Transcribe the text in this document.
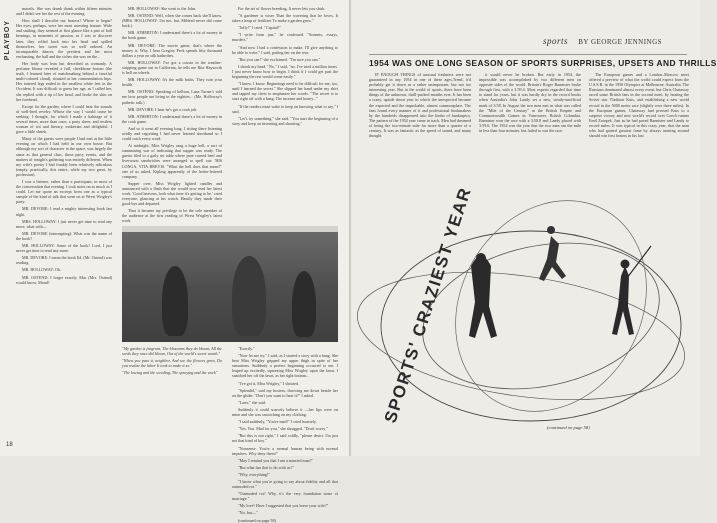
PLAYBOY
18

marzils. She was drunk drank within fifteen minutes and I didn't see her the rest of the evening.

How shall I describe our hostess? Where to begin? Her eyes, perhaps, were her most arresting feature. Wide and smiling, they seemed at first glance like a pair of ball bearings, in moments of passion, as I was to discover later, they rolled back into her head and spilled themselves, her sweet was so well ordered. An incomparable dancer, the prettiest and her most enchanting, the hall and the riches she was on the...

Her body was lean but described as womanly. A perfume blouse revealed a full, cheekbone bosom (the truth, I learned later of matchmaking behind a fanciful multi-colored cloud), situated at her commendation hips. Her tattered legs ended in the smallest white feet in the Occident. It was difficult to guess her age, as I called her, she replied with a tip of her head, and broke the skin on her forehead.

Except for the garden, where I could hear the sounds of well-bred revelry. Whose the way I would come be seeking. I thought, for which I made a habitage of it several times, more than once, a party sheer, and restless woman of wit and literary, exuberant and delightful. I gave a little shriek.

Many of the guests were people I had met at the little evening on which I had held in our own house. But although my sort of character in the space, was largely the same as that general class, those party events, and the matters of tonight's gathering was entirely different. When my wife's poetry I had frankly been relatively ridiculous (empty, practically, this entire, while my two great, by profession).

I was a listener, rather than a participant, in most of the conversation that evening. I took notes on as much as I could. Let me quote an excerpt from one as a typical sample of the kind of talk that went on at Wrest Wrigley's party:

MR. DEVORE: I read a mighty interesting book last night.

MRS. HOLLOWAY: I just never get time to read any more, what with—

MR. DEVORE (interrupting): What was the name of the book?

MR. HOLLOWAY: Some of the book? Lord, I just never get time to read any more.

MR. DEVORE: I mean the book Ed. (Mr. Ostend) was reading.

MR. HOLLOWAY: Oh.

MR. OSTEND: I forget exactly. Mac (Mrs. Ostend) would know, Maud?

MR. HOLLOWAY: She went to the John.

MR. OSTEND: Well, when she comes back she'll know. (MRS. HOLLOWAY: I'm not, but, Mildred never did come back.)

MR. ATHERTON: I understand there's a lot of money in the book game.

MR. DEVORE: The movie game, that's where the money is. Why, I hear Gregory Peck spends fifty thousand dollars a year on silk bathrobes.

MR. HOLLOWAY: I've got a cousin in the weather-stripping game out in California, he tells me Rita Hayworth is hell on wheels.

MR. HOLLOWAY: It's the milk baths. They ruin your health.

MR. OSTEND: Speaking of hellion, Lana Turner's told me how people are living in the eighties... (Me, Holloway's pathetic talk.)

MR. DEVORE: I hear he's got a cook job.

MR. ATHERTON: I understand there's a lot of money in the cook game.

And so it went all evening long. I sitting there listening avidly and regretting I had never learned shorthand so I could catch every word.

At midnight, Miss Wrigley rang a huge bell, a sort of summoning war of indicating that supper was ready. The guests filed to a gaily set table where pure corned beef and liverwurst sandwiches were arranged to spell out: 'HIS LONGA, VITA BREVIS. "What the hell does that mean?" one of us asked, Kipling apparently of the better-lettered company.

Supper over, Miss Wrigley lighted candles and announced with a flush that she would now read her latest work. 'Good heavens, look what time it's getting to be,' cried everyone, glancing at his watch. Hastily they made their good-bys and departed.

Thus it became my privilege to be the sole member of the audience at the first reading of Wrest Wrigley's latest work.

For the art of flower breeding, It never lets you shirk.

"A gardener is wiser Than the wavering that he loves, It takes a heap of fertilizer To make a garden grow."

"Jolly!" I cried. "Capital!"

"I write from just," he confessed. "Sonnets, essays, murders."

"And now I had a confession to make. I'll give anything to be able to write," I said, patting her on the rear.

"But you can!" she exclaimed. "I'm sure you can."

I shook my head. "No," I said, "no. I've tried a million times. I just never know how to begin. I think if I could get past the beginning the rest would come easily."

"I know. I know. Beginnings need to be difficult for me, too, until I learned the secret." She slipped her hand under my shirt and tapped my chest to emphasize her words. "The secret is to start right off with a bang. The incense and honey..."

"If the readers must wake to keep on knowing what to say," I said.

"Let's try something," she said. "You start the beginning of a story and keep on inventing and shouting."

"My garden is fragrant, The blossoms they do bloom, All the seeds they once did bloom, Out of the world's sweet womb."

"When you pass it, neighbor, And see the flowers grow, Do you realize the labor It took to make it so."

"The hoeing and the weeding, The spraying and the work"

"Exactly."

"Now let me try," I said, as I started a story with a bang. She beat Miss Wrigley gripped my upper thigh in spite of her sensations. Suddenly a perfect beginning occurred to me. I leaped up excitedly, squeezing Miss Wrigley upon the lawn. I snatched her off the lawn, as her tight bottom...

"I've got it, Miss Wrigley," I shouted.

"Splendid," said my hostess, throwing me down beside her on the glider. "Don't you want to hear it?" I asked.

"Later," she said.

Suddenly it could scarcely believe it —her lips were on mine and she was smooching on my clothing.

"I said suddenly, "You're mad!" I cried hoarsely.

"Yes. You. Mad for you," she shrugged. "Don't worry."

"But this is not right," I said coldly, "please desist. I'm just not that kind of boy."

"Nonsense. You're a normal human being with normal impulses. Why deny them?"

"May I remind you that I am a married man?"

"But what has that to do with us?"

"Why, everything!"

"I know what you're going to say about fidelity and all that outmoded rot."

"Outmoded rot? Why, it's the very foundation stone of marriage."

"My love! Have I suggested that you leave your wife?"

"No, but—"

(continued on page 58)

sports BY GEORGE JENNINGS
1954 WAS ONE LONG SEASON OF SPORTS SURPRISES, UPSETS AND THRILLS

IF ENOUGH THINGS of unusual freshness were not guaranteed in any 1954 in one of these ages,Trend, it'd probably get it down as a rather unimportant, but not too interesting year. But in the world of sports, there have been things of the unknown, thrill-packed months ever. It has been a crazy, upside down year in which the unexpected became the expected and the improbable, almost commonplace. The fans found every manner of it and professional bookmakers by the hundreds disappeared into the limbo of bankruptcy. The pattern of the 1954 year came in track. Men had dreamed of being the two-minute mile for more than a quarter of a century. It was as fantastic as the speed of sound, and many thought

it would never be broken. But early in 1954, the impossible was accomplished by two different men on opposite sides of the world. Britain's Roger Bannister broke through first, with a 3:59.4. Most experts regarded that time to stand for years, but it was hardly dry in the record books when Australia's John Landy set a new, steady-unofficial mark of 3:58. In August the two men met in what was called the "Mile of the Century" at the British Empire and Commonwealth Games in Vancouver, British Columbia. Bannister won the race with a 3:58.8 and Landy placed with 3:59.6. The 1954 was the year that the two men ran the mile in less than four minutes, but failed to win the race.

The European games and a London–Moscow meet offered a preview of what the world could expect from the U.S.S.R. in the 1956 Olympics at Melbourne, Australia. The Russians dominated almost every event, but Chris Chataway raced some British fans in the second meet, by beating the Soviet star Vladimir Kuts, and establishing a new world record in the 5000 meter race (slightly over three miles). In the European games, Chataway had pressed Kuts to a surprise victory and new world's record over Czech runner Emil Zatopek. Just as he had paced Bannister and Landy to record miles. It was typical in this crazy year, that the man who had gained greatest fame by always running around should win first honors in his last

SPORTS' CRAZIEST YEAR
(continued on page 58)
